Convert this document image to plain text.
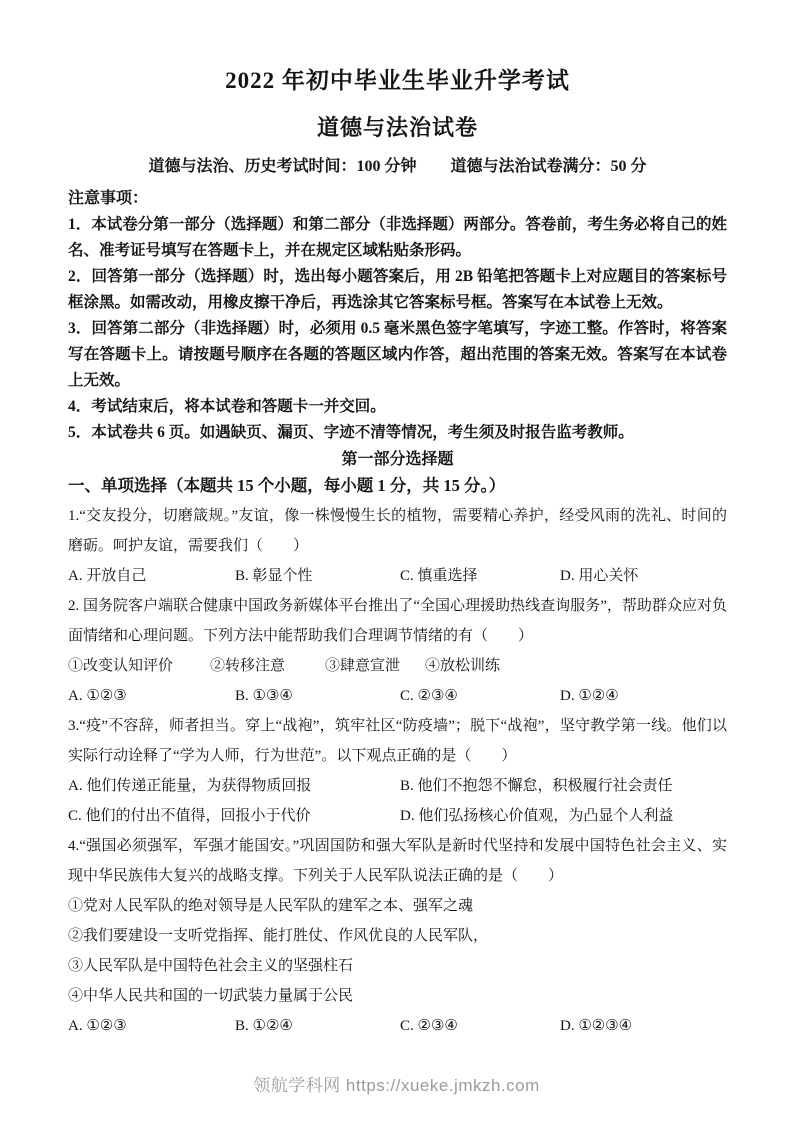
2022 年初中毕业生毕业升学考试
道德与法治试卷
道德与法治、历史考试时间：100 分钟 道德与法治试卷满分：50 分
注意事项：

1．本试卷分第一部分（选择题）和第二部分（非选择题）两部分。答卷前，考生务必将自己的姓名、准考证号填写在答题卡上，并在规定区域粘贴条形码。

2．回答第一部分（选择题）时，选出每小题答案后，用 2B 铅笔把答题卡上对应题目的答案标号框涂黑。如需改动，用橡皮擦干净后，再选涂其它答案标号框。答案写在本试卷上无效。

3．回答第二部分（非选择题）时，必须用 0.5 毫米黑色签字笔填写，字迹工整。作答时，将答案写在答题卡上。请按题号顺序在各题的答题区域内作答，超出范围的答案无效。答案写在本试卷上无效。

4．考试结束后，将本试卷和答题卡一并交回。

5．本试卷共 6 页。如遇缺页、漏页、字迹不清等情况，考生须及时报告监考教师。

第一部分选择题
一、单项选择（本题共 15 个小题，每小题 1 分，共 15 分。）

1.“交友投分，切磨箴规。”友谊，像一株慢慢生长的植物，需要精心养护，经受风雨的洗礼、时间的磨砺。呵护友谊，需要我们（　　）

A. 开放自己	B. 彰显个性	C. 慎重选择	D. 用心关怀

2. 国务院客户端联合健康中国政务新媒体平台推出了“全国心理援助热线查询服务”，帮助群众应对负面情绪和心理问题。下列方法中能帮助我们合理调节情绪的有（　　）

①改变认知评价	②转移注意	③肆意宣泄	④放松训练
A. ①②③	B. ①③④	C. ②③④	D. ①②④

3.“疫”不容辞，师者担当。穿上“战袍”，筑牢社区“防疫墙”；脱下“战袍”，坚守教学第一线。他们以实际行动诠释了“学为人师，行为世范”。以下观点正确的是（　　）

A. 他们传递正能量，为获得物质回报	B. 他们不抱怨不懈怠，积极履行社会责任
C. 他们的付出不值得，回报小于代价	D. 他们弘扬核心价值观，为凸显个人利益

4.“强国必须强军，军强才能国安。”巩固国防和强大军队是新时代坚持和发展中国特色社会主义、实现中华民族伟大复兴的战略支撑。下列关于人民军队说法正确的是（　　）

①党对人民军队的绝对领导是人民军队的建军之本、强军之魂

②我们要建设一支听党指挥、能打胜仗、作风优良的人民军队，

③人民军队是中国特色社会主义的坚强柱石

④中华人民共和国的一切武装力量属于公民

A. ①②③	B. ①②④	C. ②③④	D. ①②③④
领航学科网 https://xueke.jmkzh.com
